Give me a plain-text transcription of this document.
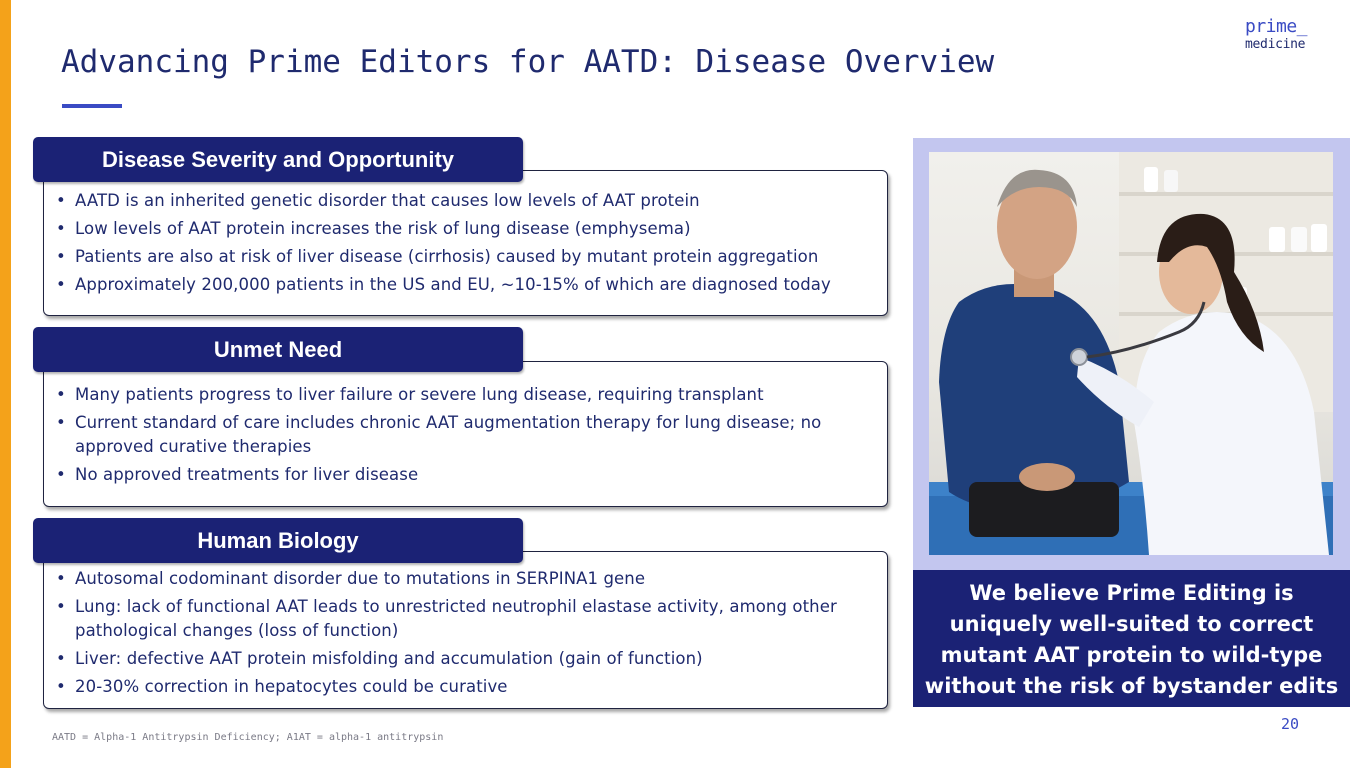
Advancing Prime Editors for AATD: Disease Overview
prime_
medicine
• AATD is an inherited genetic disorder that causes low levels of AAT protein
• Low levels of AAT protein increases the risk of lung disease (emphysema)
• Patients are also at risk of liver disease (cirrhosis) caused by mutant protein aggregation
• Approximately 200,000 patients in the US and EU, ~10-15% of which are diagnosed today
Disease Severity and Opportunity
• Many patients progress to liver failure or severe lung disease, requiring transplant
• Current standard of care includes chronic AAT augmentation therapy for lung disease; no approved curative therapies
• No approved treatments for liver disease
Unmet Need
• Autosomal codominant disorder due to mutations in SERPINA1 gene
• Lung: lack of functional AAT leads to unrestricted neutrophil elastase activity, among other pathological changes (loss of function)
• Liver: defective AAT protein misfolding and accumulation (gain of function)
• 20-30% correction in hepatocytes could be curative
Human Biology
We believe Prime Editing is uniquely well-suited to correct mutant AAT protein to wild-type without the risk of bystander edits
20
AATD = Alpha-1 Antitrypsin Deficiency; A1AT = alpha-1 antitrypsin
